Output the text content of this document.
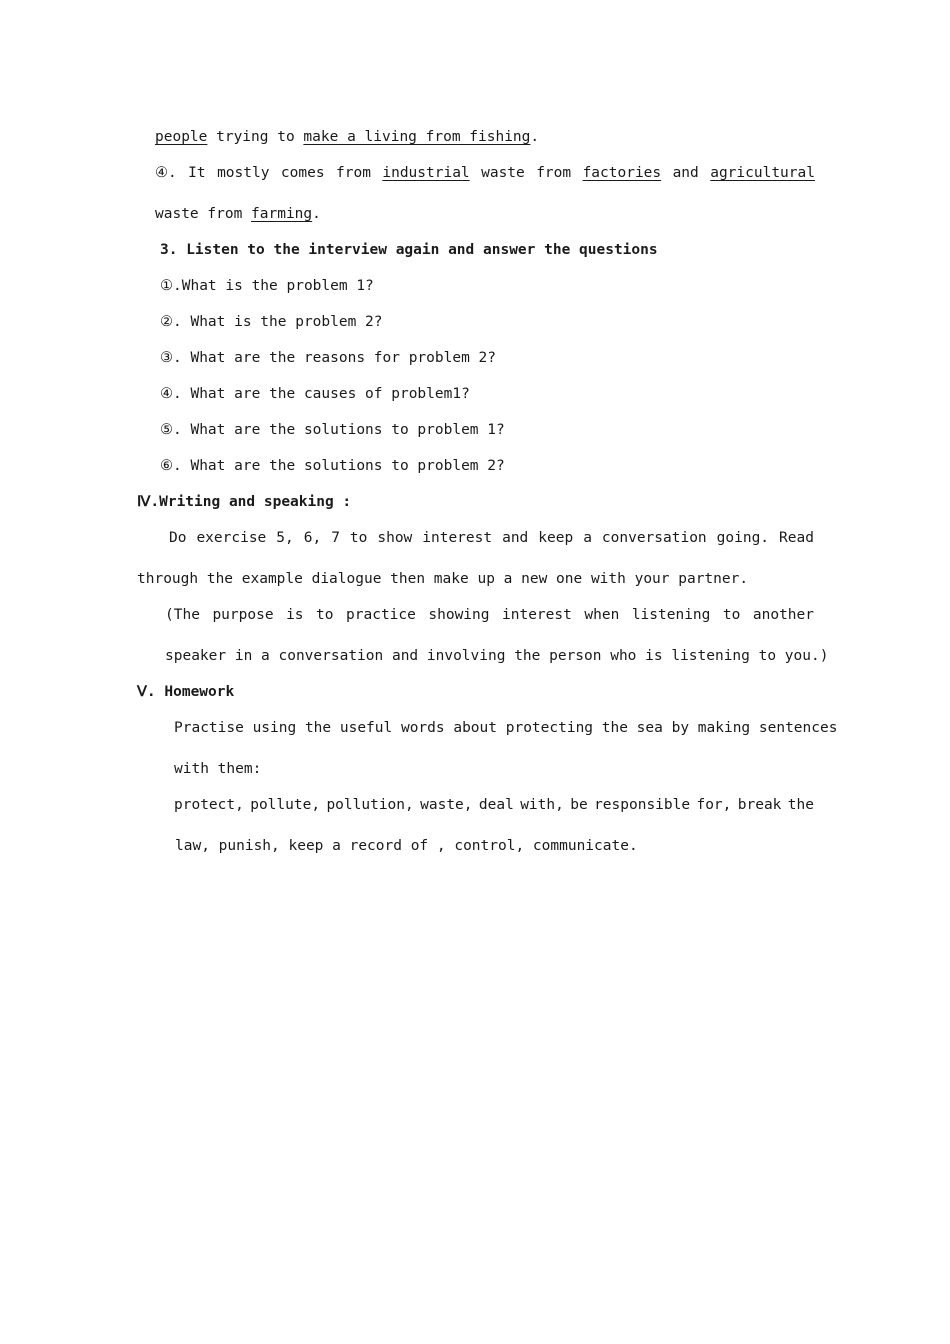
people trying to make a living from fishing.
④. It mostly comes from industrial waste from factories and agricultural
waste from farming.
3. Listen to the interview again and answer the questions
①.What is the problem 1?
②. What is the problem 2?
③. What are the reasons for problem 2?
④. What are the causes of problem1?
⑤. What are the solutions to problem 1?
⑥. What are the solutions to problem 2?
Ⅳ.Writing and speaking :
Do exercise 5, 6, 7 to show interest and keep a conversation going. Read
through the example dialogue then make up a new one with your partner.
(The purpose is to practice showing interest when listening to another
speaker in a conversation and involving the person who is listening to you.)
Ⅴ. Homework
Practise using the useful words about protecting the sea by making sentences
with them:
protect, pollute, pollution, waste, deal with, be responsible for, break the
law, punish, keep a record of , control, communicate.
